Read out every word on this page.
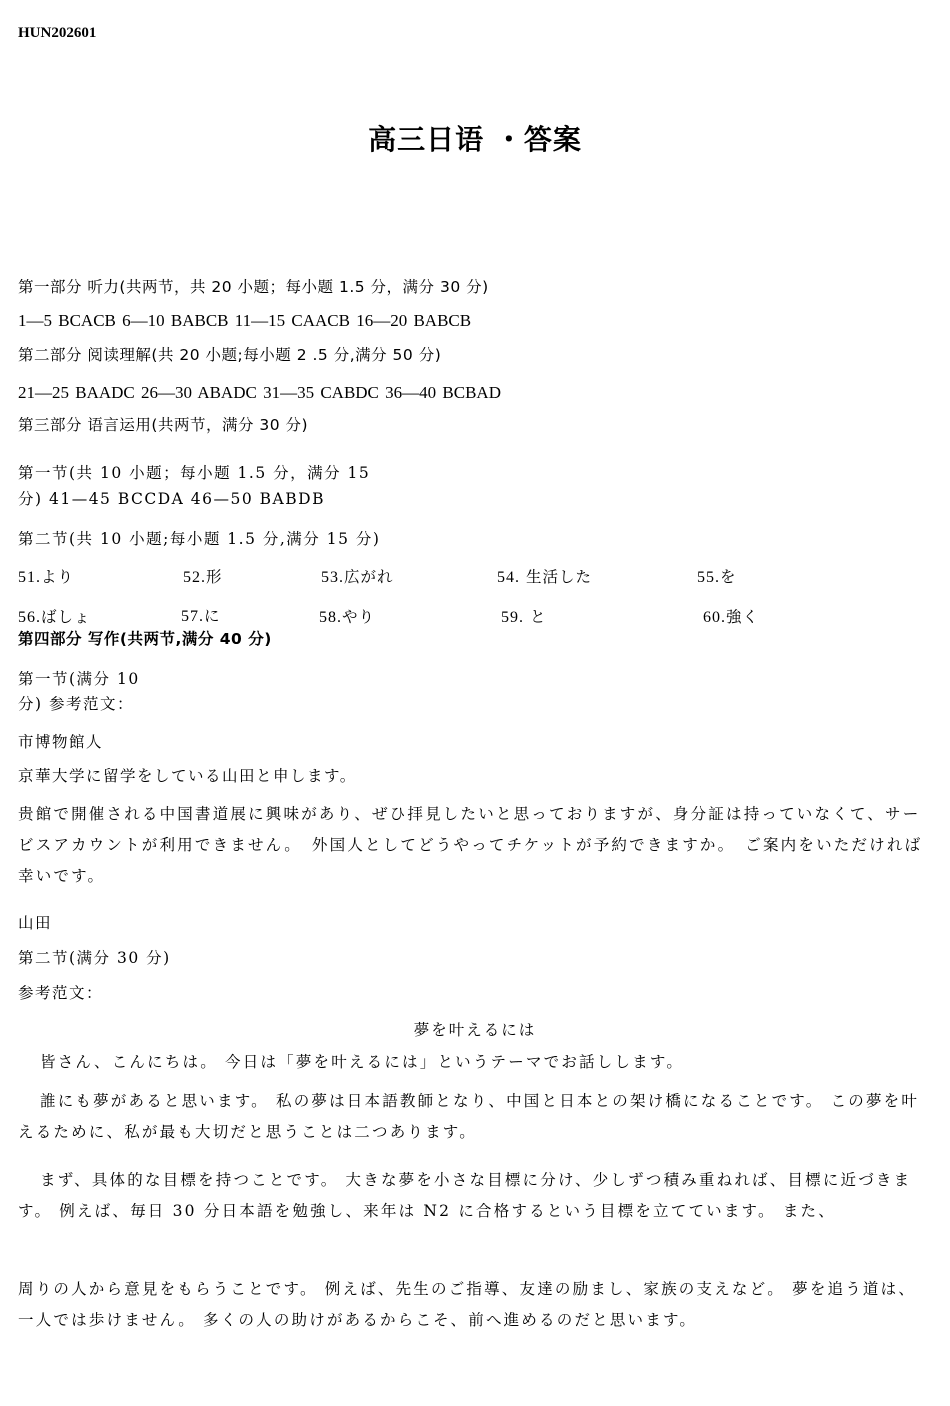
HUN202601
高三日语 ・答案
第一部分 听力(共两节，共 20 小题；每小题 1.5 分，满分 30 分)
1—5 BCACB 6—10 BABCB 11—15 CAACB 16—20 BABCB
第二部分 阅读理解(共 20 小题;每小题 2 .5 分,满分 50 分)
21—25 BAADC 26—30 ABADC 31—35 CABDC 36—40 BCBAD
第三部分 语言运用(共两节，满分 30 分)
第一节(共 10 小题；每小题 1.5 分，满分 15
分) 41—45 BCCDA 46—50 BABDB
第二节(共 10 小题;每小题 1.5 分,满分 15 分)
51.より	52.形	53.広がれ	54. 生活した	55.を
56.ばしょ	57.に	58.やり	59. と	60.強く
第四部分 写作(共两节,满分 40 分)
第一节(满分 10
分) 参考范文：
市博物館人
京華大学に留学をしている山田と申します。
贵館で開催される中国書道展に興味があり、ぜひ拝見したいと思っておりますが、身分証は持っていなくて、サービスアカウントが利用できません。　外国人としてどうやってチケットが予約できますか。　ご案内をいただければ幸いです。
山田
第二节(满分 30 分)
参考范文：
夢を叶えるには
皆さん、こんにちは。 今日は「夢を叶えるには」というテーマでお話しします。
誰にも夢があると思います。 私の夢は日本語教師となり、中国と日本との架け橋になることです。 この夢を叶えるために、私が最も大切だと思うことは二つあります。
まず、具体的な目標を持つことです。 大きな夢を小さな目標に分け、少しずつ積み重ねれば、目標に近づきます。 例えば、毎日 30 分日本語を勉強し、来年は N2 に合格するという目標を立てています。 また、
周りの人から意見をもらうことです。 例えば、先生のご指導、友達の励まし、家族の支えなど。 夢を追う道は、一人では歩けません。 多くの人の助けがあるからこそ、前へ進めるのだと思います。
